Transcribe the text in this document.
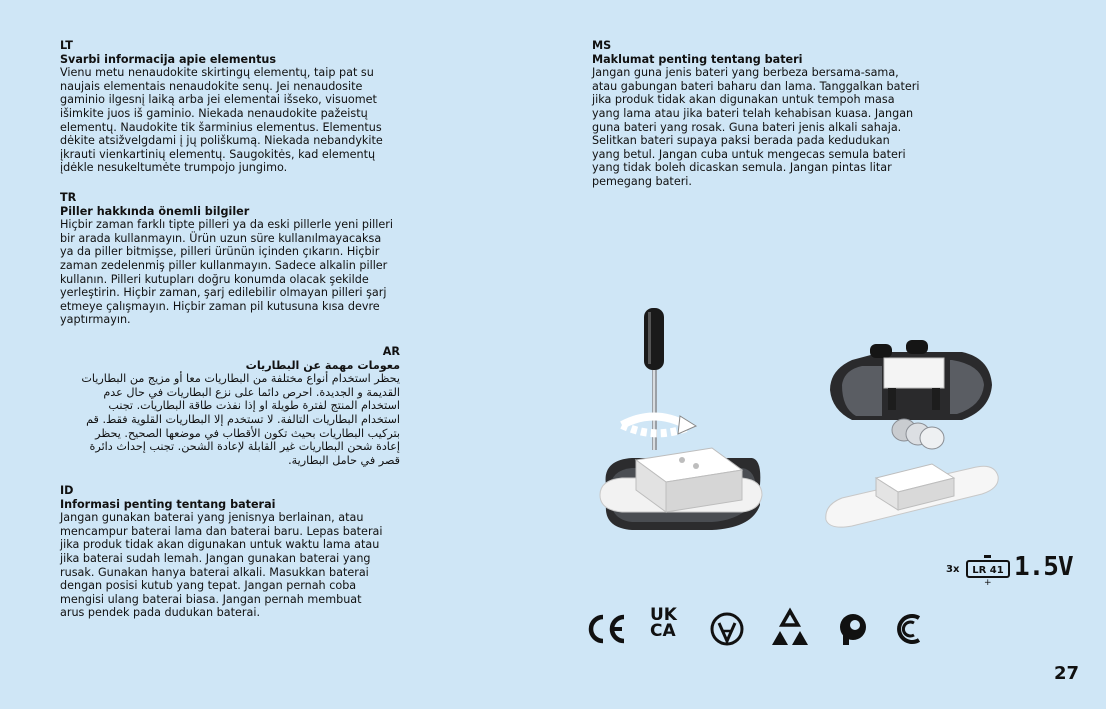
LT
Svarbi informacija apie elementus
Vienu metu nenaudokite skirtingų elementų, taip pat su
naujais elementais nenaudokite senų. Jei nenaudosite
gaminio ilgesnį laiką arba jei elementai išseko, visuomet
išimkite juos iš gaminio. Niekada nenaudokite pažeistų
elementų. Naudokite tik šarminius elementus. Elementus
dėkite atsižvelgdami į jų poliškumą. Niekada nebandykite
įkrauti vienkartinių elementų. Saugokitės, kad elementų
įdėkle nesukeltumėte trumpojo jungimo.
TR
Piller hakkında önemli bilgiler
Hiçbir zaman farklı tipte pilleri ya da eski pillerle yeni pilleri
bir arada kullanmayın. Ürün uzun süre kullanılmayacaksa
ya da piller bitmişse, pilleri ürünün içinden çıkarın. Hiçbir
zaman zedelenmiş piller kullanmayın. Sadece alkalin piller
kullanın. Pilleri kutupları doğru konumda olacak şekilde
yerleştirin. Hiçbir zaman, şarj edilebilir olmayan pilleri şarj
etmeye çalışmayın. Hiçbir zaman pil kutusuna kısa devre
yaptırmayın.
AR
معومات مهمة عن البطاريات
يحظر استخدام أنواع مختلفة من البطاريات معا أو مزيج من البطاريات
القديمة و الجديدة. احرص دائما على نزع البطاريات في حال عدم
استخدام المنتج لفترة طويلة او إذا نفذت طاقة البطاريات. تجنب
استخدام البطاريات التالفة. لا تستخدم إلا البطاريات القلوية فقط. قم
بتركيب البطاريات بحيث تكون الأقطاب في موضعها الصحيح. يحظر
إعادة شحن البطاريات غير القابلة لإعادة الشحن. تجنب إحداث دائرة
قصر في حامل البطارية.
ID
Informasi penting tentang baterai
Jangan gunakan baterai yang jenisnya berlainan, atau
mencampur baterai lama dan baterai baru. Lepas baterai
jika produk tidak akan digunakan untuk waktu lama atau
jika baterai sudah lemah. Jangan gunakan baterai yang
rusak. Gunakan hanya baterai alkali. Masukkan baterai
dengan posisi kutub yang tepat. Jangan pernah coba
mengisi ulang baterai biasa. Jangan pernah membuat
arus pendek pada dudukan baterai.
MS
Maklumat penting tentang bateri
Jangan guna jenis bateri yang berbeza bersama-sama,
atau gabungan bateri baharu dan lama. Tanggalkan bateri
jika produk tidak akan digunakan untuk tempoh masa
yang lama atau jika bateri telah kehabisan kuasa. Jangan
guna bateri yang rosak. Guna bateri jenis alkali sahaja.
Selitkan bateri supaya paksi berada pada kedudukan
yang betul. Jangan cuba untuk mengecas semula bateri
yang tidak boleh dicaskan semula. Jangan pintas litar
pemegang bateri.
3x	LR 41
+
1.5V
UK
CA
27
